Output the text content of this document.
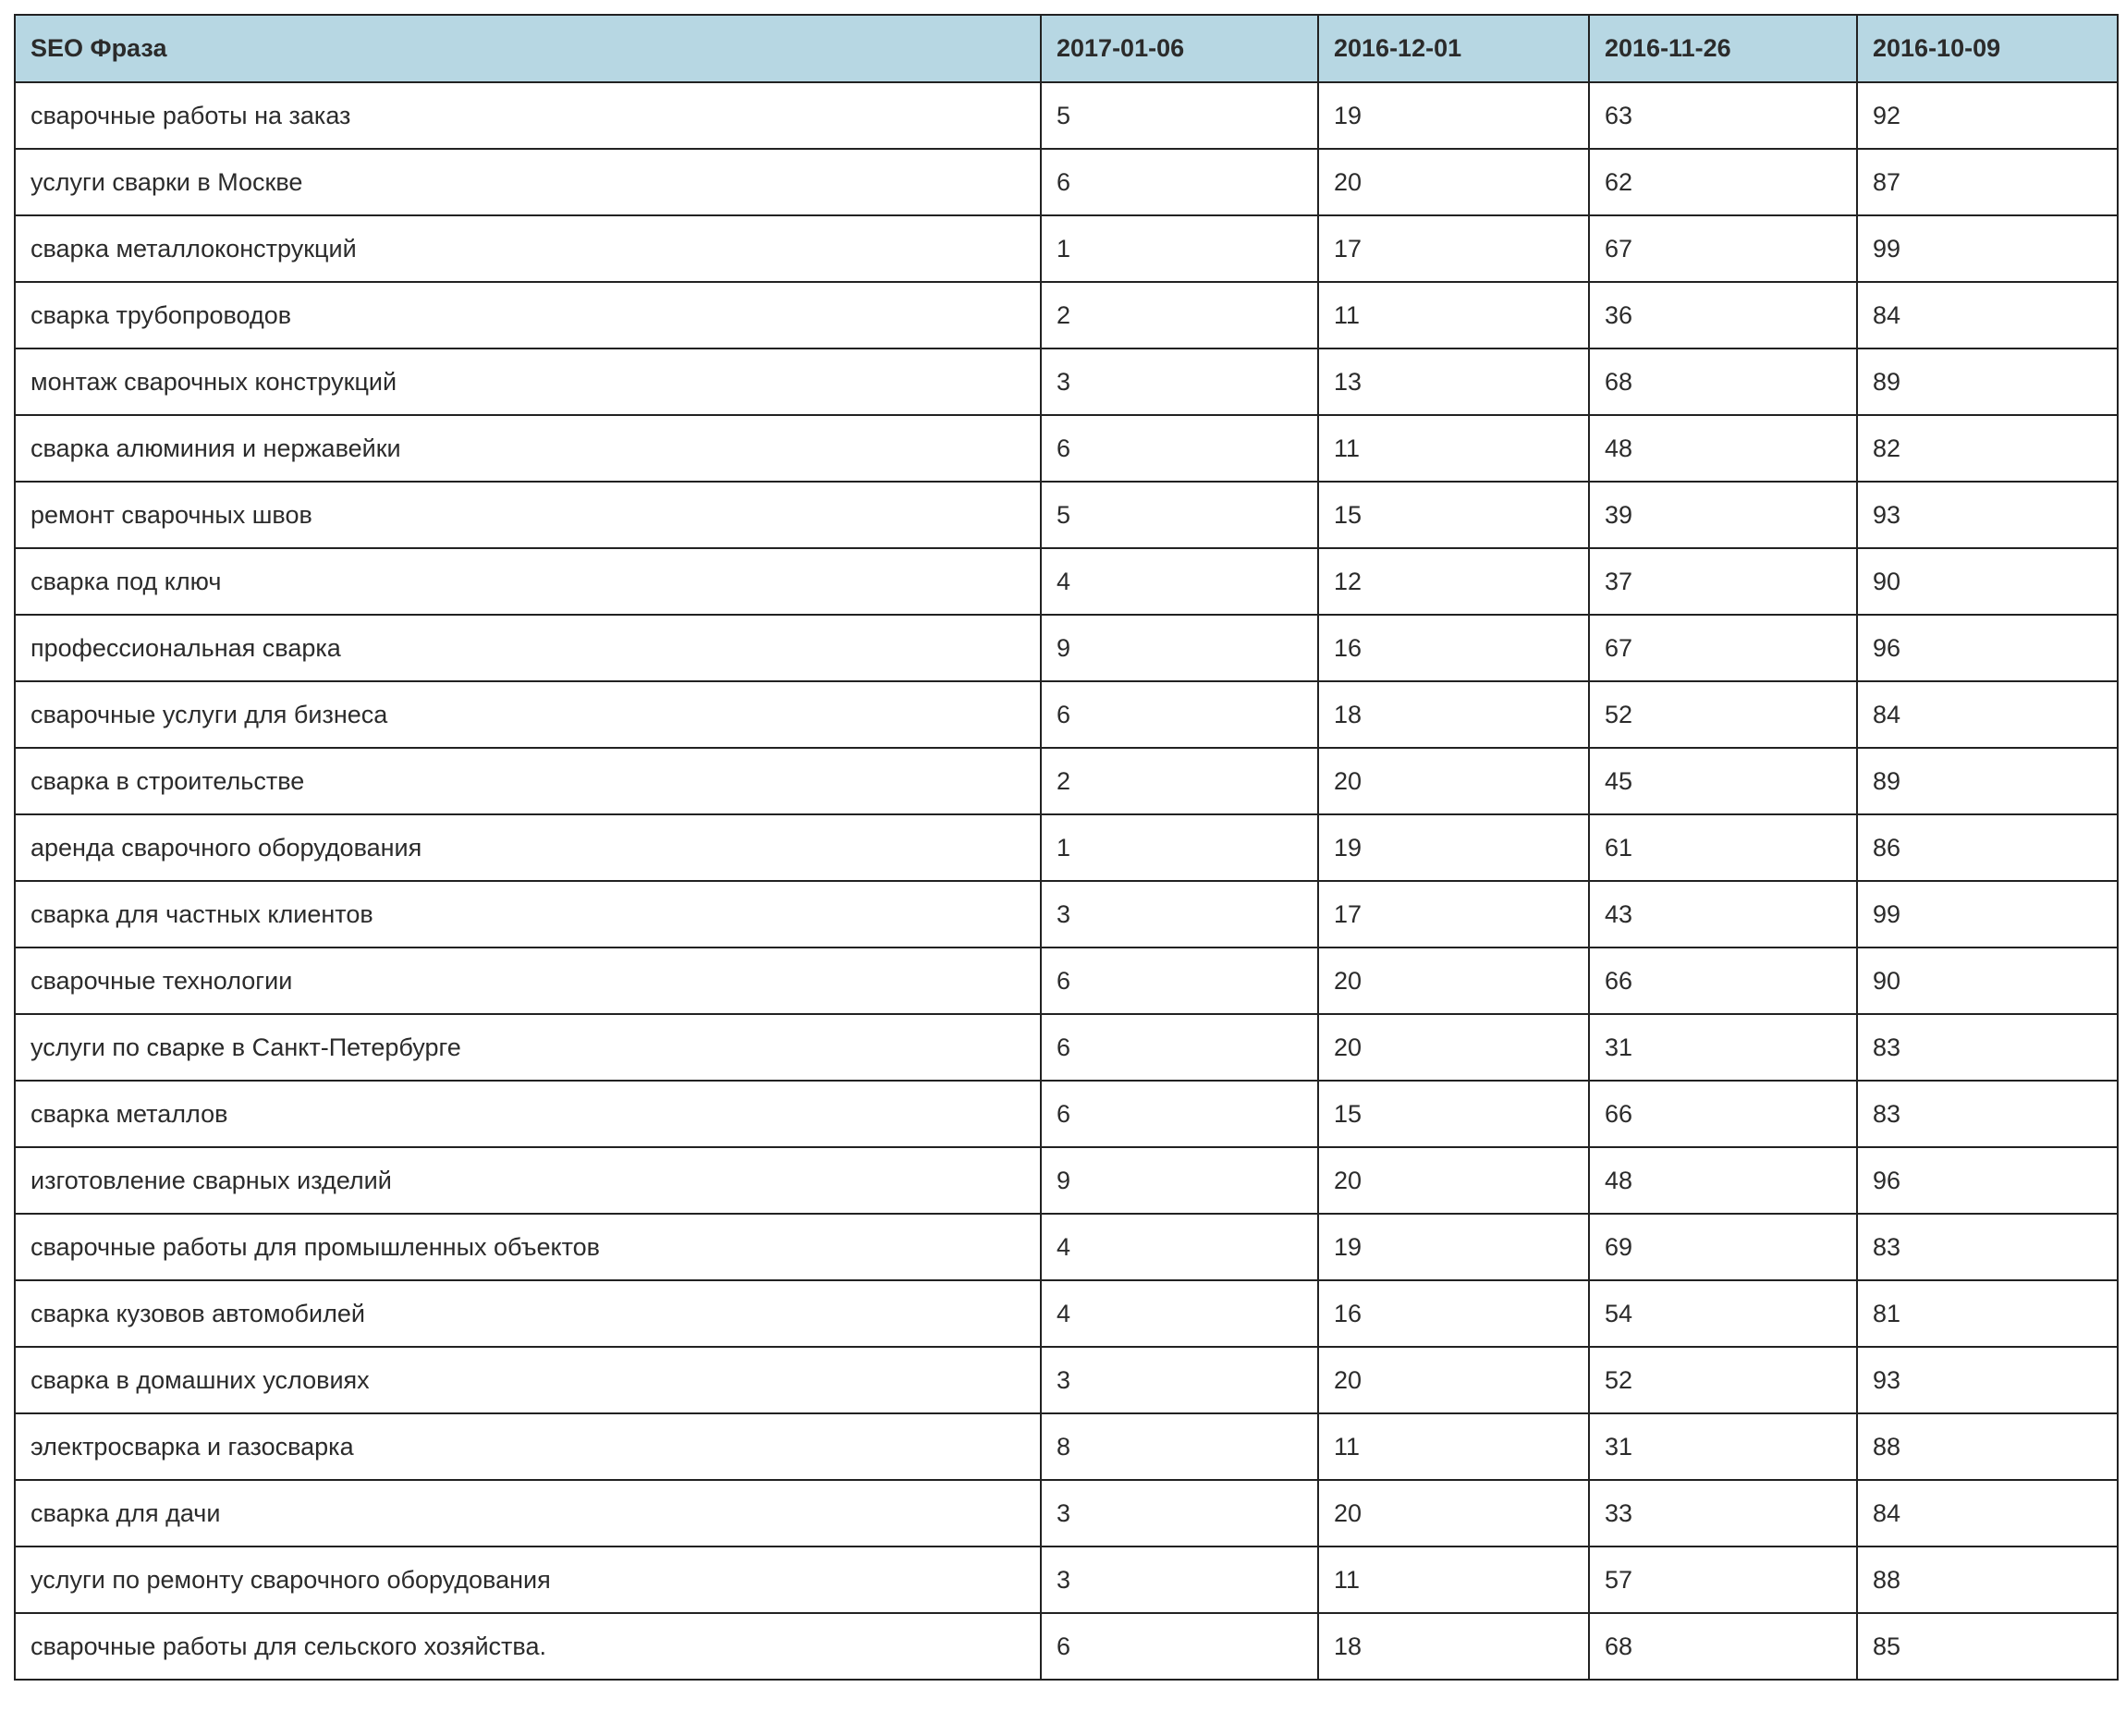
SEO Фраза	2017-01-06	2016-12-01	2016-11-26	2016-10-09
сварочные работы на заказ	5	19	63	92
услуги сварки в Москве	6	20	62	87
сварка металлоконструкций	1	17	67	99
сварка трубопроводов	2	11	36	84
монтаж сварочных конструкций	3	13	68	89
сварка алюминия и нержавейки	6	11	48	82
ремонт сварочных швов	5	15	39	93
сварка под ключ	4	12	37	90
профессиональная сварка	9	16	67	96
сварочные услуги для бизнеса	6	18	52	84
сварка в строительстве	2	20	45	89
аренда сварочного оборудования	1	19	61	86
сварка для частных клиентов	3	17	43	99
сварочные технологии	6	20	66	90
услуги по сварке в Санкт-Петербурге	6	20	31	83
сварка металлов	6	15	66	83
изготовление сварных изделий	9	20	48	96
сварочные работы для промышленных объектов	4	19	69	83
сварка кузовов автомобилей	4	16	54	81
сварка в домашних условиях	3	20	52	93
электросварка и газосварка	8	11	31	88
сварка для дачи	3	20	33	84
услуги по ремонту сварочного оборудования	3	11	57	88
сварочные работы для сельского хозяйства.	6	18	68	85
